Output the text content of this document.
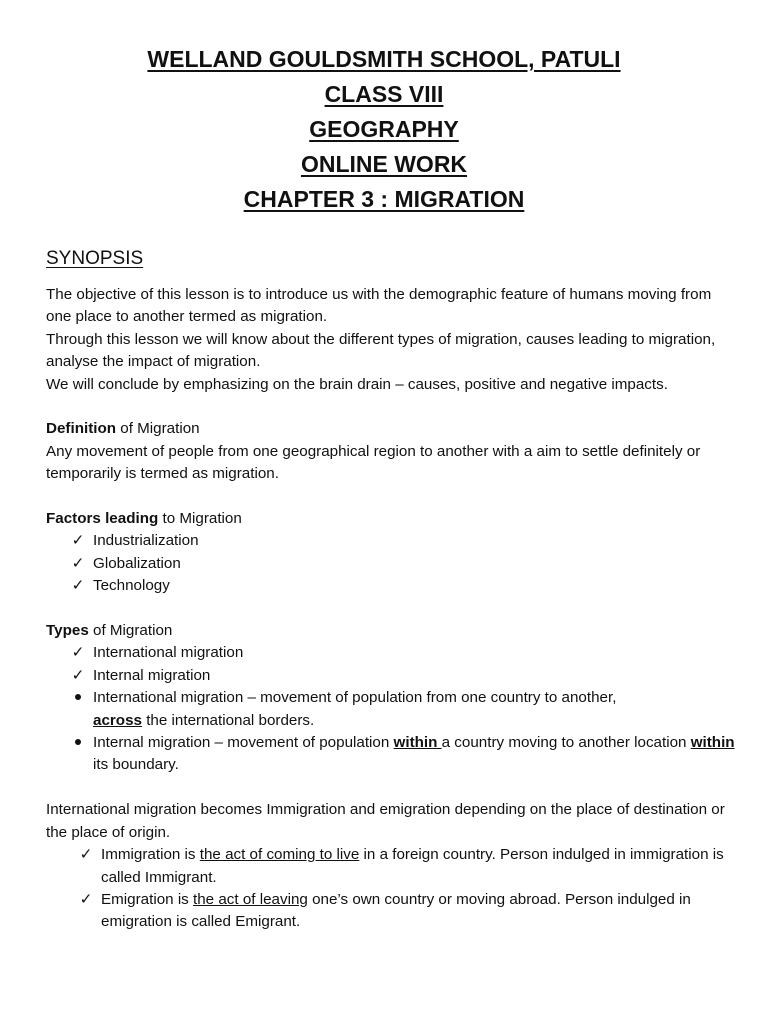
WELLAND GOULDSMITH SCHOOL, PATULI
CLASS VIII
GEOGRAPHY
ONLINE WORK
CHAPTER 3 : MIGRATION
SYNOPSIS

The objective of this lesson is to introduce us with the demographic feature of humans moving from one place to another termed as migration.

Through this lesson we will know about the different types of migration, causes leading to migration, analyse the impact of migration.

We will conclude by emphasizing on the brain drain – causes, positive and negative impacts.

Definition of Migration

Any movement of people from one geographical region to another with a aim to settle definitely or temporarily is termed as migration.

Factors leading to Migration

✓ Industrialization
✓ Globalization
✓ Technology

Types of Migration

✓ International migration
✓ Internal migration
International migration – movement of population from one country to another,
across the international borders.
Internal migration – movement of population within a country moving to another location within its boundary.

International migration becomes Immigration and emigration depending on the place of destination or the place of origin.

✓ Immigration is the act of coming to live in a foreign country. Person indulged in immigration is called Immigrant.
✓ Emigration is the act of leaving one’s own country or moving abroad. Person indulged in emigration is called Emigrant.
